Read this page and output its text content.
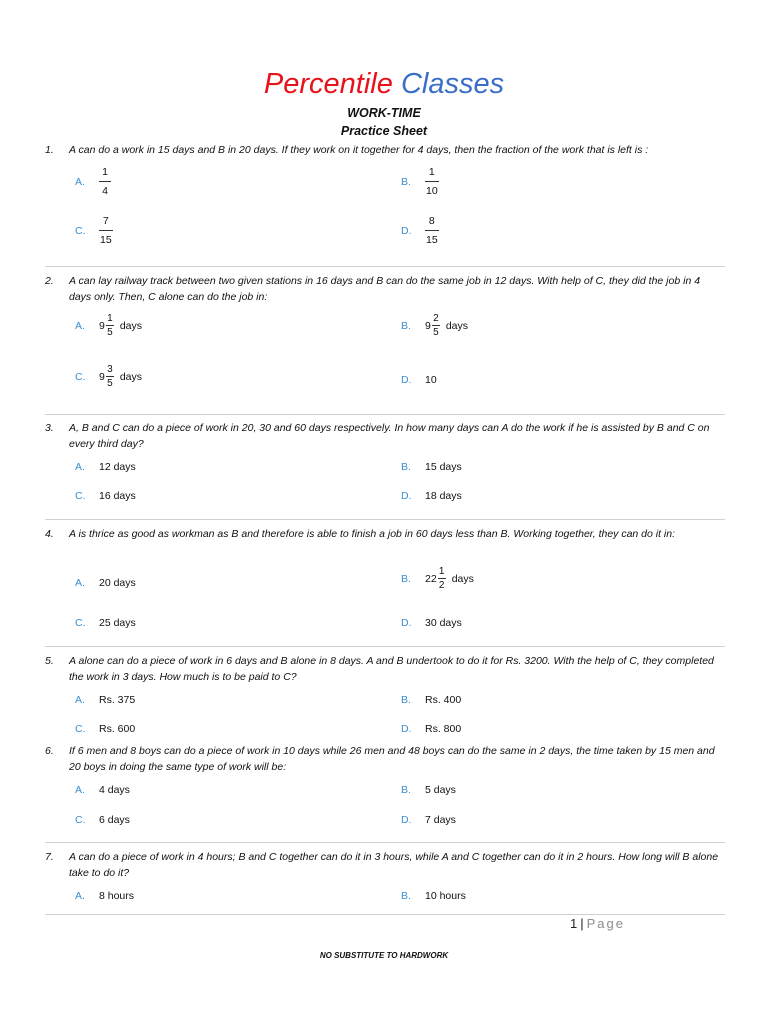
Percentile Classes
WORK-TIME
Practice Sheet
1. A can do a work in 15 days and B in 20 days. If they work on it together for 4 days, then the fraction of the work that is left is :
A.	$\frac{1}{4}$	B.	$\frac{1}{10}$
C.	$\frac{7}{15}$	D.	$\frac{8}{15}$
2. A can lay railway track between two given stations in 16 days and B can do the same job in 12 days. With help of C, they did the job in 4 days only. Then, C alone can do the job in:
A.	$9 \frac{1}{5}$ days	B.	$9 \frac{2}{5}$ days
C.	$9 \frac{3}{5}$ days	D.	10
3. A, B and C can do a piece of work in 20, 30 and 60 days respectively. In how many days can A do the work if he is assisted by B and C on every third day?
A.	12 days	B.	15 days
C.	16 days	D.	18 days
4. A is thrice as good as workman as B and therefore is able to finish a job in 60 days less than B. Working together, they can do it in:
A.	20 days	B.	$22 \frac{1}{2}$ days
C.	25 days	D.	30 days
5. A alone can do a piece of work in 6 days and B alone in 8 days. A and B undertook to do it for Rs. 3200. With the help of C, they completed the work in 3 days. How much is to be paid to C?
A.	Rs. 375	B.	Rs. 400
C.	Rs. 600	D.	Rs. 800
6. If 6 men and 8 boys can do a piece of work in 10 days while 26 men and 48 boys can do the same in 2 days, the time taken by 15 men and 20 boys in doing the same type of work will be:
A.	4 days	B.	5 days
C.	6 days	D.	7 days
7. A can do a piece of work in 4 hours; B and C together can do it in 3 hours, while A and C together can do it in 2 hours. How long will B alone take to do it?
A.	8 hours	B.	10 hours
1 | Page
NO SUBSTITUTE TO HARDWORK
